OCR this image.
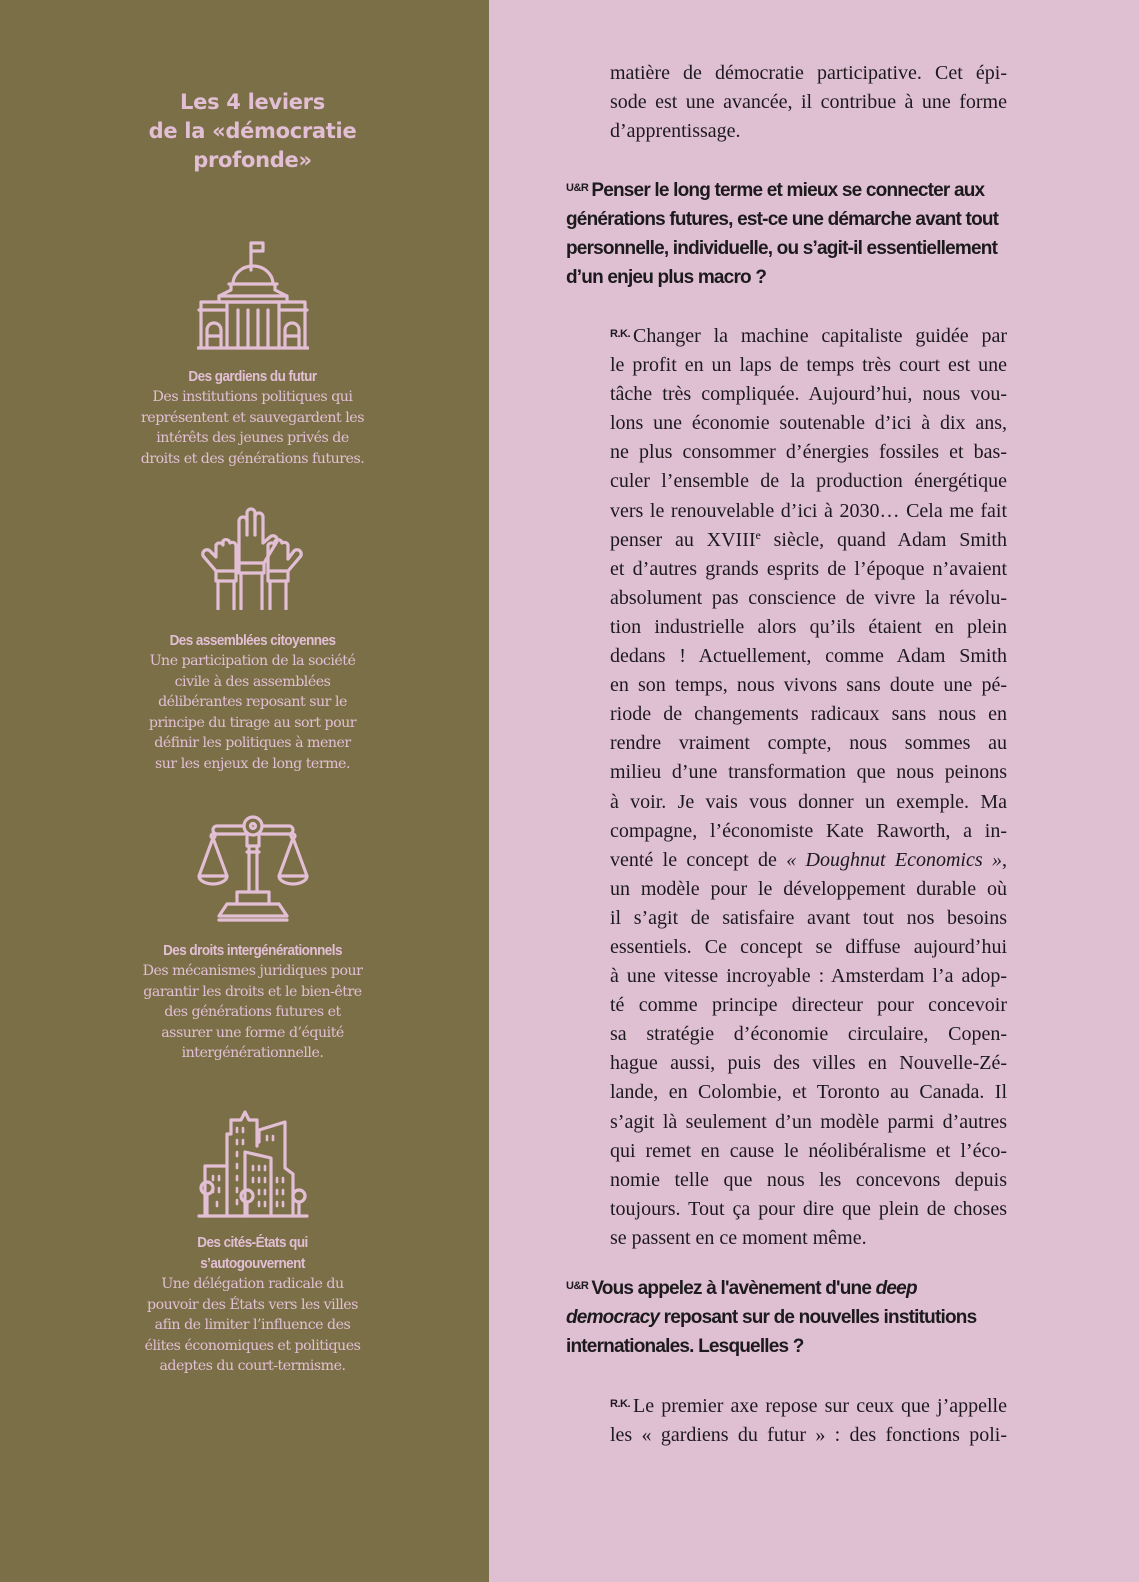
Les 4 leviers
de la «démocratie
profonde»
Des gardiens du futur
Des institutions politiques qui
représentent et sauvegardent les
intérêts des jeunes privés de
droits et des générations futures.
Des assemblées citoyennes
Une participation de la société
civile à des assemblées
délibérantes reposant sur le
principe du tirage au sort pour
définir les politiques à mener
sur les enjeux de long terme.
Des droits intergénérationnels
Des mécanismes juridiques pour
garantir les droits et le bien-être
des générations futures et
assurer une forme d’équité
intergénérationnelle.
Des cités-États qui
s’autogouvernent
Une délégation radicale du
pouvoir des États vers les villes
afin de limiter l’influence des
élites économiques et politiques
adeptes du court-termisme.
matière de démocratie participative. Cet épi-
sode est une avancée, il contribue à une forme
d’apprentissage.
$^{U\&R}$ Penser le long terme et mieux se connecter aux
générations futures, est-ce une démarche avant tout
personnelle, individuelle, ou s’agit-il essentiellement
d’un enjeu plus macro ?
$^{R.K.}$ Changer la machine capitaliste guidée par
le profit en un laps de temps très court est une
tâche très compliquée. Aujourd’hui, nous vou-
lons une économie soutenable d’ici à dix ans,
ne plus consommer d’énergies fossiles et bas-
culer l’ensemble de la production énergétique
vers le renouvelable d’ici à 2030… Cela me fait
penser au XVIIIe siècle, quand Adam Smith
et d’autres grands esprits de l’époque n’avaient
absolument pas conscience de vivre la révolu-
tion industrielle alors qu’ils étaient en plein
dedans ! Actuellement, comme Adam Smith
en son temps, nous vivons sans doute une pé-
riode de changements radicaux sans nous en
rendre vraiment compte, nous sommes au
milieu d’une transformation que nous peinons
à voir. Je vais vous donner un exemple. Ma
compagne, l’économiste Kate Raworth, a in-
venté le concept de « Doughnut Economics »,
un modèle pour le développement durable où
il s’agit de satisfaire avant tout nos besoins
essentiels. Ce concept se diffuse aujourd’hui
à une vitesse incroyable : Amsterdam l’a adop-
té comme principe directeur pour concevoir
sa stratégie d’économie circulaire, Copen-
hague aussi, puis des villes en Nouvelle-Zé-
lande, en Colombie, et Toronto au Canada. Il
s’agit là seulement d’un modèle parmi d’autres
qui remet en cause le néolibéralisme et l’éco-
nomie telle que nous les concevons depuis
toujours. Tout ça pour dire que plein de choses
se passent en ce moment même.
$^{U\&R}$ Vous appelez à l'avènement d'une deep
democracy reposant sur de nouvelles institutions
internationales. Lesquelles ?
$^{R.K.}$ Le premier axe repose sur ceux que j’appelle
les « gardiens du futur » : des fonctions poli-
